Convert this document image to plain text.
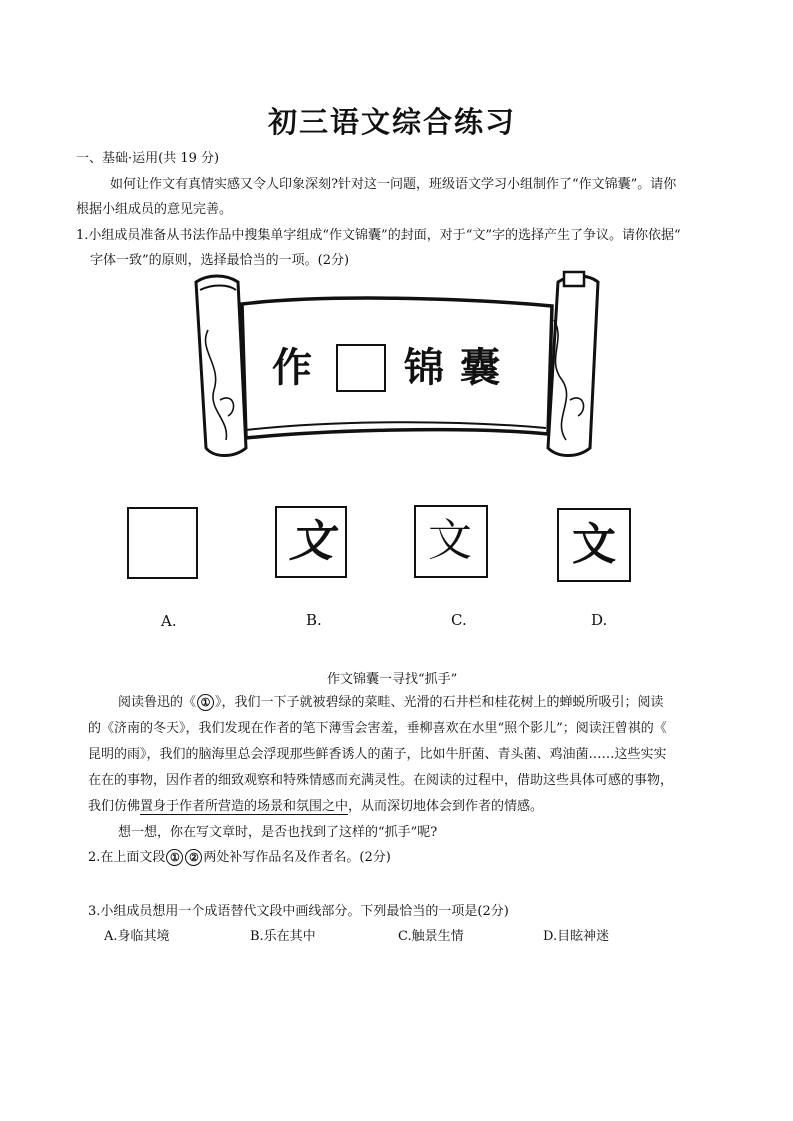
初三语文综合练习
一、基础·运用(共 19 分)
如何让作文有真情实感又令人印象深刻?针对这一问题，班级语文学习小组制作了“作文锦囊”。请你
根据小组成员的意见完善。
1.小组成员准备从书法作品中搜集单字组成“作文锦囊”的封面，对于“文”字的选择产生了争议。请你依据“
字体一致”的原则，选择最恰当的一项。(2分)
作 锦 囊
文 文 文
A.	B.	C.	D.
作文锦囊一寻找“抓手”
阅读鲁迅的《 ① 》，我们一下子就被碧绿的菜畦、光滑的石井栏和桂花树上的蝉蜕所吸引；阅读
的《济南的冬天》，我们发现在作者的笔下薄雪会害羞，垂柳喜欢在水里“照个影儿”；阅读汪曾祺的《
昆明的雨》，我们的脑海里总会浮现那些鲜香诱人的菌子，比如牛肝菌、青头菌、鸡油菌……这些实实
在在的事物，因作者的细致观察和特殊情感而充满灵性。在阅读的过程中，借助这些具体可感的事物，
我们仿佛置身于作者所营造的场景和氛围之中，从而深切地体会到作者的情感。
想一想，你在写文章时，是否也找到了这样的“抓手”呢?
2.在上面文段 ① ② 两处补写作品名及作者名。(2分)
3.小组成员想用一个成语替代文段中画线部分。下列最恰当的一项是(2分)
A.身临其境	B.乐在其中	C.触景生情	D.目眩神迷
